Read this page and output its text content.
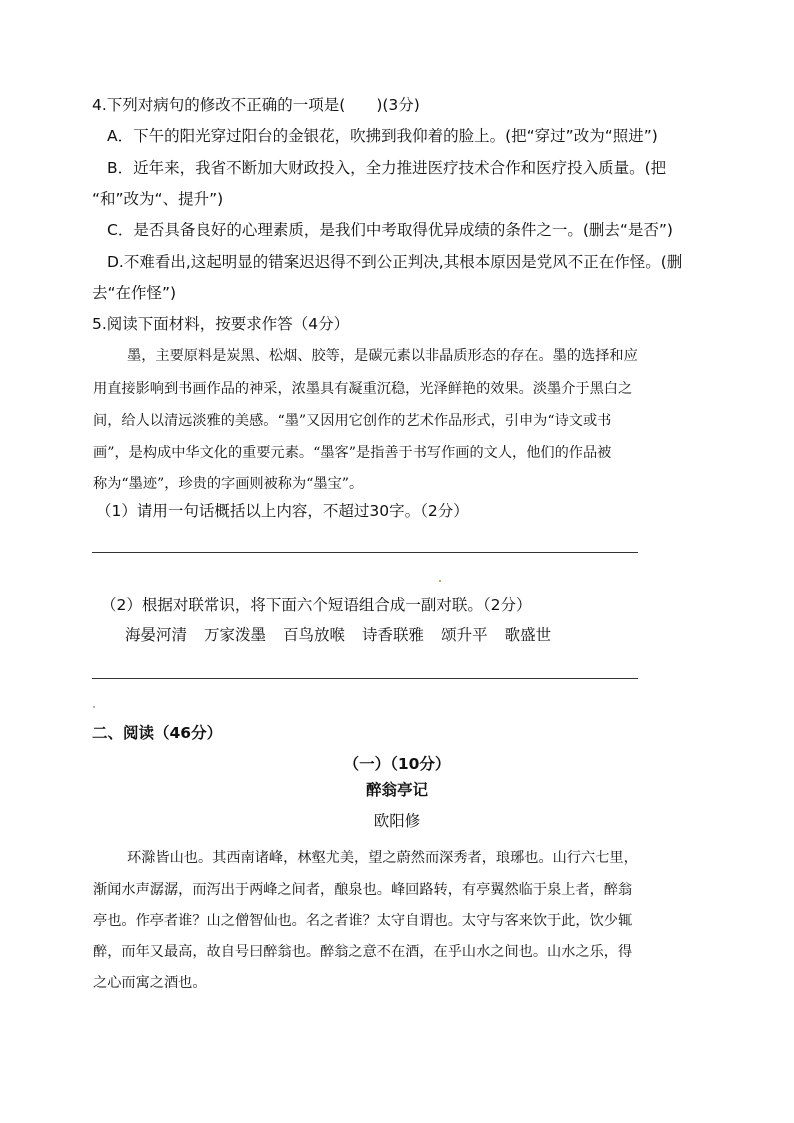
4.下列对病句的修改不正确的一项是(　　)(3分)
A．下午的阳光穿过阳台的金银花，吹拂到我仰着的脸上。(把“穿过”改为“照进”)
B．近年来，我省不断加大财政投入，全力推进医疗技术合作和医疗投入质量。(把
“和”改为“、提升”)
C．是否具备良好的心理素质，是我们中考取得优异成绩的条件之一。(删去“是否”)
D.不难看出,这起明显的错案迟迟得不到公正判决,其根本原因是党风不正在作怪。(删
去“在作怪”)
5.阅读下面材料，按要求作答（4分）
墨，主要原料是炭黑、松烟、胶等，是碳元素以非晶质形态的存在。墨的选择和应
用直接影响到书画作品的神采，浓墨具有凝重沉稳，光泽鲜艳的效果。淡墨介于黑白之
间，给人以清远淡雅的美感。“墨”又因用它创作的艺术作品形式，引申为“诗文或书
画”，是构成中华文化的重要元素。“墨客”是指善于书写作画的文人，他们的作品被
称为“墨迹”，珍贵的字画则被称为“墨宝”。
（1）请用一句话概括以上内容，不超过30字。（2分）
（2）根据对联常识，将下面六个短语组合成一副对联。（2分）
海晏河清 万家泼墨 百鸟放喉 诗香联雅 颂升平 歌盛世
二、阅读（46分）
（一）（10分）
醉翁亭记
欧阳修
环滁皆山也。其西南诸峰，林壑尤美，望之蔚然而深秀者，琅琊也。山行六七里，
渐闻水声潺潺，而泻出于两峰之间者，酿泉也。峰回路转，有亭翼然临于泉上者，醉翁
亭也。作亭者谁？山之僧智仙也。名之者谁？太守自谓也。太守与客来饮于此，饮少辄
醉，而年又最高，故自号曰醉翁也。醉翁之意不在酒，在乎山水之间也。山水之乐，得
之心而寓之酒也。
